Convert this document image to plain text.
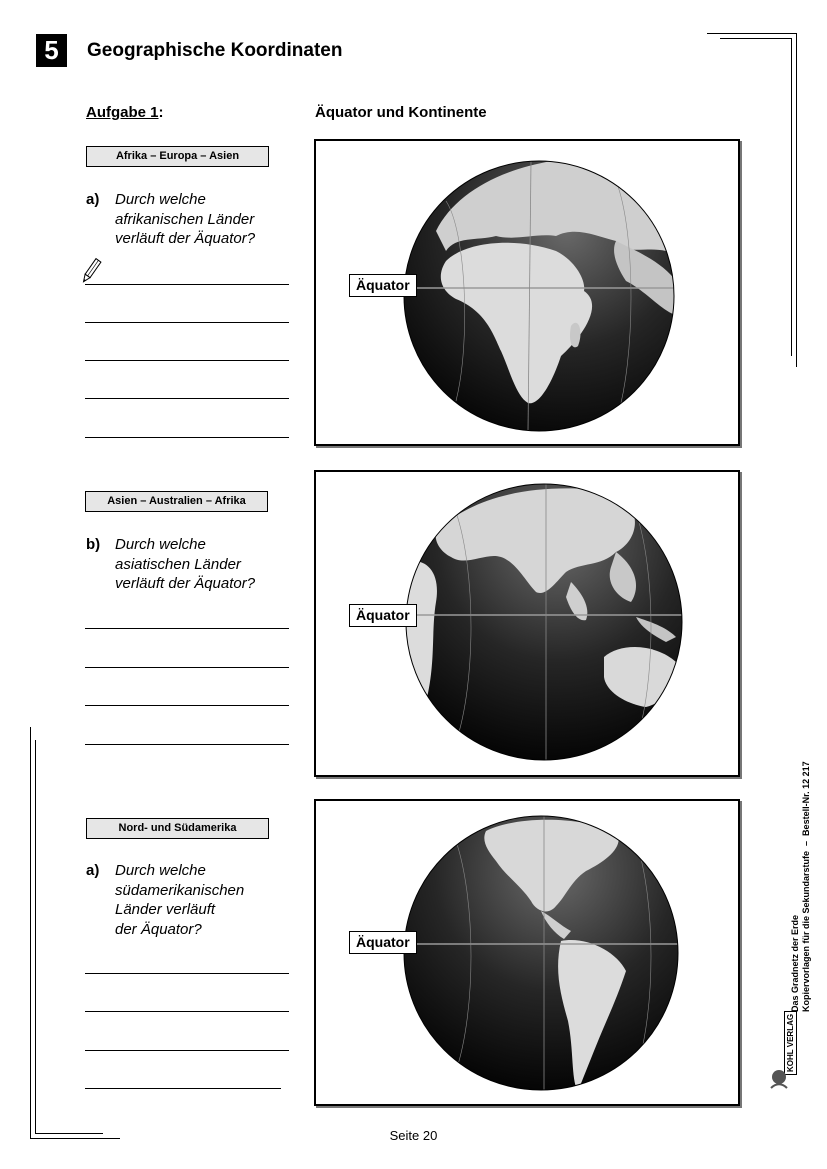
5	Geographische Koordinaten
Aufgabe 1:	Äquator und Kontinente
Afrika – Europa – Asien
a) Durch welche
afrikanischen Länder
verläuft der Äquator?
Äquator
Asien – Australien – Afrika
b) Durch welche
asiatischen Länder
verläuft der Äquator?
Äquator
Nord- und Südamerika
a) Durch welche
südamerikanischen
Länder verläuft
der Äquator?
Äquator	Das Gradnetz der Erde Kopiervorlagen für die Sekundarstufe  –  Bestell-Nr. 12 217
KOHL VERLAG
Seite 20
